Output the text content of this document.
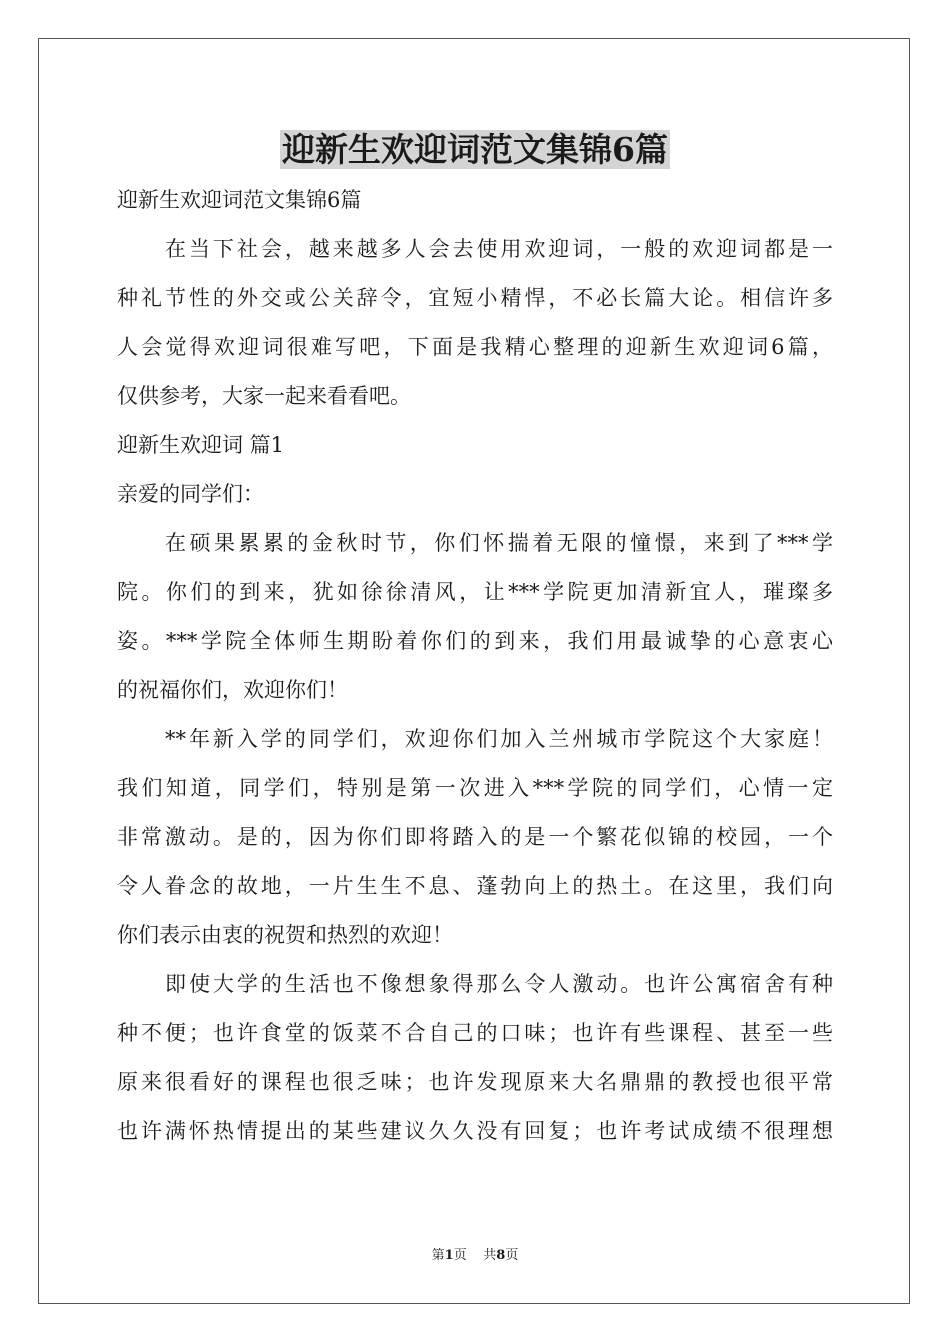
迎新生欢迎词范文集锦6篇

迎新生欢迎词范文集锦6篇

在当下社会，越来越多人会去使用欢迎词，一般的欢迎词都是一

种礼节性的外交或公关辞令，宜短小精悍，不必长篇大论。相信许多

人会觉得欢迎词很难写吧，下面是我精心整理的迎新生欢迎词6篇，

仅供参考，大家一起来看看吧。

迎新生欢迎词 篇1

亲爱的同学们：

在硕果累累的金秋时节，你们怀揣着无限的憧憬，来到了***学

院。你们的到来，犹如徐徐清风，让***学院更加清新宜人，璀璨多

姿。***学院全体师生期盼着你们的到来，我们用最诚挚的心意衷心

的祝福你们，欢迎你们！

**年新入学的同学们，欢迎你们加入兰州城市学院这个大家庭！

我们知道，同学们，特别是第一次进入***学院的同学们，心情一定

非常激动。是的，因为你们即将踏入的是一个繁花似锦的校园，一个

令人眷念的故地，一片生生不息、蓬勃向上的热土。在这里，我们向

你们表示由衷的祝贺和热烈的欢迎！

即使大学的生活也不像想象得那么令人激动。也许公寓宿舍有种

种不便；也许食堂的饭菜不合自己的口味；也许有些课程、甚至一些

原来很看好的课程也很乏味；也许发现原来大名鼎鼎的教授也很平常

也许满怀热情提出的某些建议久久没有回复；也许考试成绩不很理想

第1页 共8页
